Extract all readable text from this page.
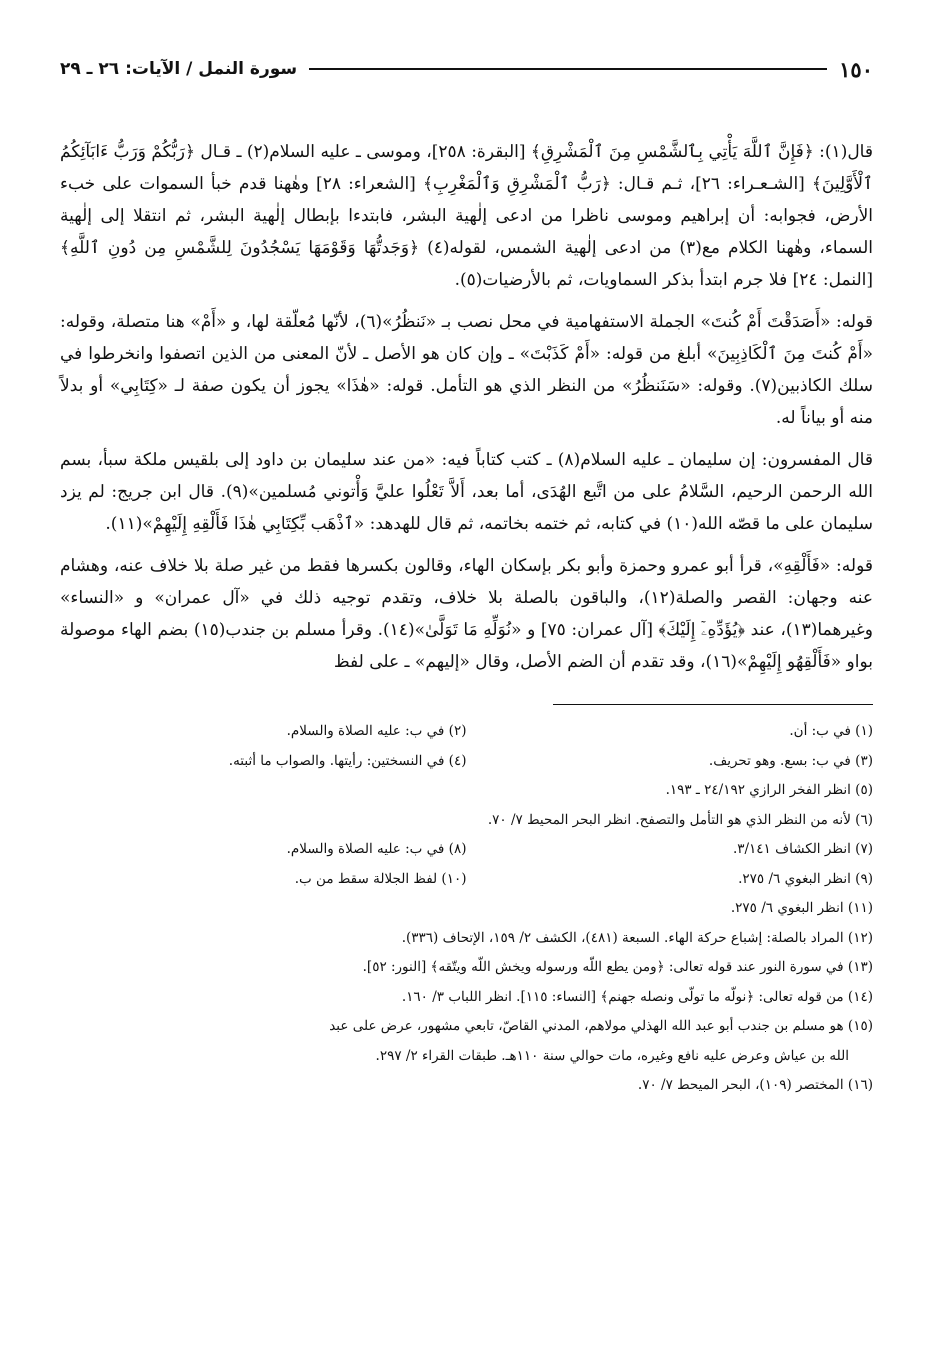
١٥٠
سورة النمل / الآيات: ٢٦ ـ ٢٩

قال(١): ﴿فَإِنَّ ٱللَّهَ يَأْتِي بِٱلشَّمْسِ مِنَ ٱلْمَشْرِقِ﴾ [البقرة: ٢٥٨]، وموسى ـ عليه السلام(٢) ـ قـال ﴿رَبُّكُمْ وَرَبُّ ءَابَآئِكُمُ ٱلْأَوَّلِينَ﴾ [الشـعـراء: ٢٦]، ثـم قـال: ﴿رَبُّ ٱلْمَشْرِقِ وَٱلْمَغْرِبِ﴾ [الشعراء: ٢٨] وهٰهنا قدم خبأ السموات على خبء الأرض، فجوابه: أن إبراهيم وموسى ناظرا من ادعى إلٰهية البشر، فابتدءا بإبطال إلٰهية البشر، ثم انتقلا إلى إلٰهية السماء، وهٰهنا الكلام مع(٣) من ادعى إلٰهية الشمس، لقوله(٤) ﴿وَجَدتُّهَا وَقَوْمَهَا يَسْجُدُونَ لِلشَّمْسِ مِن دُونِ ٱللَّهِ﴾ [النمل: ٢٤] فلا جرم ابتدأ بذكر السماويات، ثم بالأرضيات(٥).

قوله: «أَصَدَقْتَ أَمْ كُنتَ» الجملة الاستفهامية في محل نصب بـ «نَنظُرُ»(٦)، لأنّها مُعلّقة لها، و «أَمْ» هنا متصلة، وقوله: «أَمْ كُنتَ مِنَ ٱلْكَاذِبِينَ» أبلغ من قوله: «أَمْ كَذَبْتَ» ـ وإن كان هو الأصل ـ لأنّ المعنى من الذين اتصفوا وانخرطوا في سلك الكاذبين(٧). وقوله: «سَنَنظُرُ» من النظر الذي هو التأمل. قوله: «هٰذَا» يجوز أن يكون صفة لـ «كِتَابِي» أو بدلاً منه أو بياناً له.

قال المفسرون: إن سليمان ـ عليه السلام(٨) ـ كتب كتاباً فيه: «من عند سليمان بن داود إلى بلقيس ملكة سبأ، بسم الله الرحمن الرحيم، السَّلامُ على من اتَّبع الهُدَى، أما بعد، أَلاَّ تَعْلُوا عليَّ وَأْتوني مُسلمين»(٩). قال ابن جريج: لم يزد سليمان على ما قصّه الله(١٠) في كتابه، ثم ختمه بخاتمه، ثم قال للهدهد: «ٱذْهَب بِّكِتَابِي هٰذَا فَأَلْقِهِ إِلَيْهِمْ»(١١).

قوله: «فَأَلْقِهِ»، قرأ أبو عمرو وحمزة وأبو بكر بإسكان الهاء، وقالون بكسرها فقط من غير صلة بلا خلاف عنه، وهشام عنه وجهان: القصر والصلة(١٢)، والباقون بالصلة بلا خلاف، وتقدم توجيه ذلك في «آل عمران» و «النساء» وغيرهما(١٣)، عند ﴿يُؤَدِّهِۦٓ إِلَيْكَ﴾ [آل عمران: ٧٥] و «نُوَلِّهِ مَا تَوَلَّىٰ»(١٤). وقرأ مسلم بن جندب(١٥) بضم الهاء موصولة بواو «فَأَلْقِهُو إِلَيْهِمْ»(١٦)، وقد تقدم أن الضم الأصل، وقال «إليهم» ـ على لفظ

(١) في ب: أن.
(٢) في ب: عليه الصلاة والسلام.
(٣) في ب: بسع. وهو تحريف.
(٤) في النسختين: رأيتها. والصواب ما أثبته.
(٥) انظر الفخر الرازي ٢٤/١٩٢ ـ ١٩٣.
(٦) لأنه من النظر الذي هو التأمل والتصفح. انظر البحر المحيط ٧/ ٧٠.
(٧) انظر الكشاف ٣/١٤١.
(٨) في ب: عليه الصلاة والسلام.
(٩) انظر البغوي ٦/ ٢٧٥.
(١٠) لفظ الجلالة سقط من ب.
(١١) انظر البغوي ٦/ ٢٧٥.
(١٢) المراد بالصلة: إشباع حركة الهاء. السبعة (٤٨١)، الكشف ٢/ ١٥٩، الإتحاف (٣٣٦).
(١٣) في سورة النور عند قوله تعالى: ﴿ومن يطع اللّه ورسوله ويخش اللّه ويتّقه﴾ [النور: ٥٢].
(١٤) من قوله تعالى: ﴿نولّه ما تولّى ونصله جهنم﴾ [النساء: ١١٥]. انظر اللباب ٣/ ١٦٠.
(١٥) هو مسلم بن جندب أبو عبد الله الهذلي مولاهم، المدني القاصّ، تابعي مشهور، عرض على عبد
الله بن عياش وعرض عليه نافع وغيره، مات حوالي سنة ١١٠هـ. طبقات القراء ٢/ ٢٩٧.
(١٦) المختصر (١٠٩)، البحر الميحط ٧/ ٧٠.
